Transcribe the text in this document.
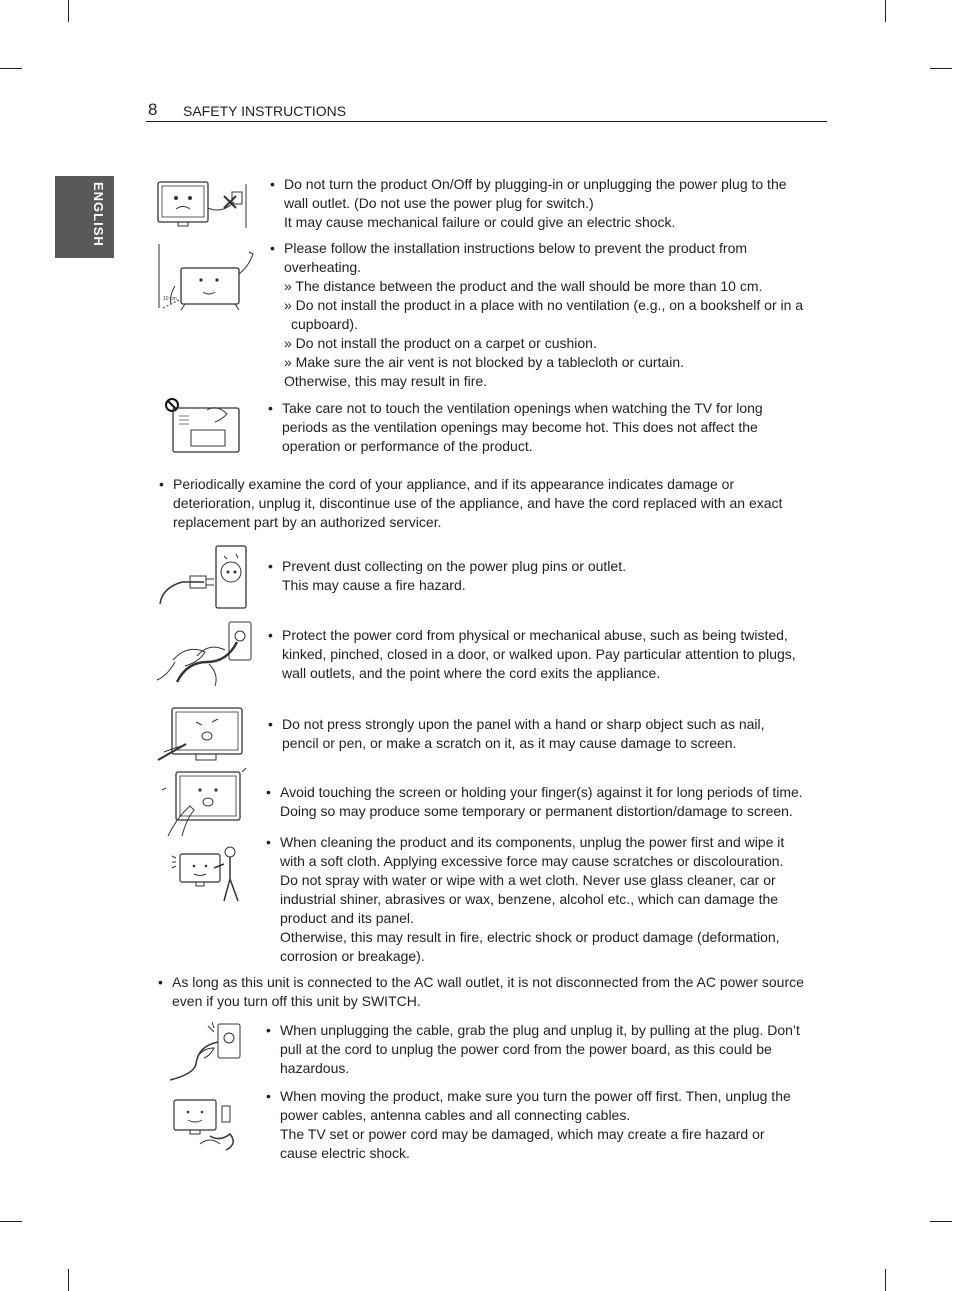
ENGLISH
8 SAFETY INSTRUCTIONS
10 cm

• Do not turn the product On/Off by plugging-in or unplugging the power plug to the

wall outlet. (Do not use the power plug for switch.)

It may cause mechanical failure or could give an electric shock.

• Please follow the installation instructions below to prevent the product from

overheating.

» The distance between the product and the wall should be more than 10 cm.

» Do not install the product in a place with no ventilation (e.g., on a bookshelf or in a

cupboard).

» Do not install the product on a carpet or cushion.

» Make sure the air vent is not blocked by a tablecloth or curtain.

Otherwise, this may result in fire.

• Take care not to touch the ventilation openings when watching the TV for long

periods as the ventilation openings may become hot. This does not affect the

operation or performance of the product.

• Periodically examine the cord of your appliance, and if its appearance indicates damage or

deterioration, unplug it, discontinue use of the appliance, and have the cord replaced with an exact

replacement part by an authorized servicer.

• Prevent dust collecting on the power plug pins or outlet.

This may cause a fire hazard.

• Protect the power cord from physical or mechanical abuse, such as being twisted,

kinked, pinched, closed in a door, or walked upon. Pay particular attention to plugs,

wall outlets, and the point where the cord exits the appliance.

• Do not press strongly upon the panel with a hand or sharp object such as nail,

pencil or pen, or make a scratch on it, as it may cause damage to screen.

• Avoid touching the screen or holding your finger(s) against it for long periods of time.

Doing so may produce some temporary or permanent distortion/damage to screen.

• When cleaning the product and its components, unplug the power first and wipe it

with a soft cloth. Applying excessive force may cause scratches or discolouration.

Do not spray with water or wipe with a wet cloth. Never use glass cleaner, car or

industrial shiner, abrasives or wax, benzene, alcohol etc., which can damage the

product and its panel.

Otherwise, this may result in fire, electric shock or product damage (deformation,

corrosion or breakage).

• As long as this unit is connected to the AC wall outlet, it is not disconnected from the AC power source

even if you turn off this unit by SWITCH.

• When unplugging the cable, grab the plug and unplug it, by pulling at the plug. Don’t

pull at the cord to unplug the power cord from the power board, as this could be

hazardous.

• When moving the product, make sure you turn the power off first. Then, unplug the

power cables, antenna cables and all connecting cables.

The TV set or power cord may be damaged, which may create a fire hazard or

cause electric shock.
